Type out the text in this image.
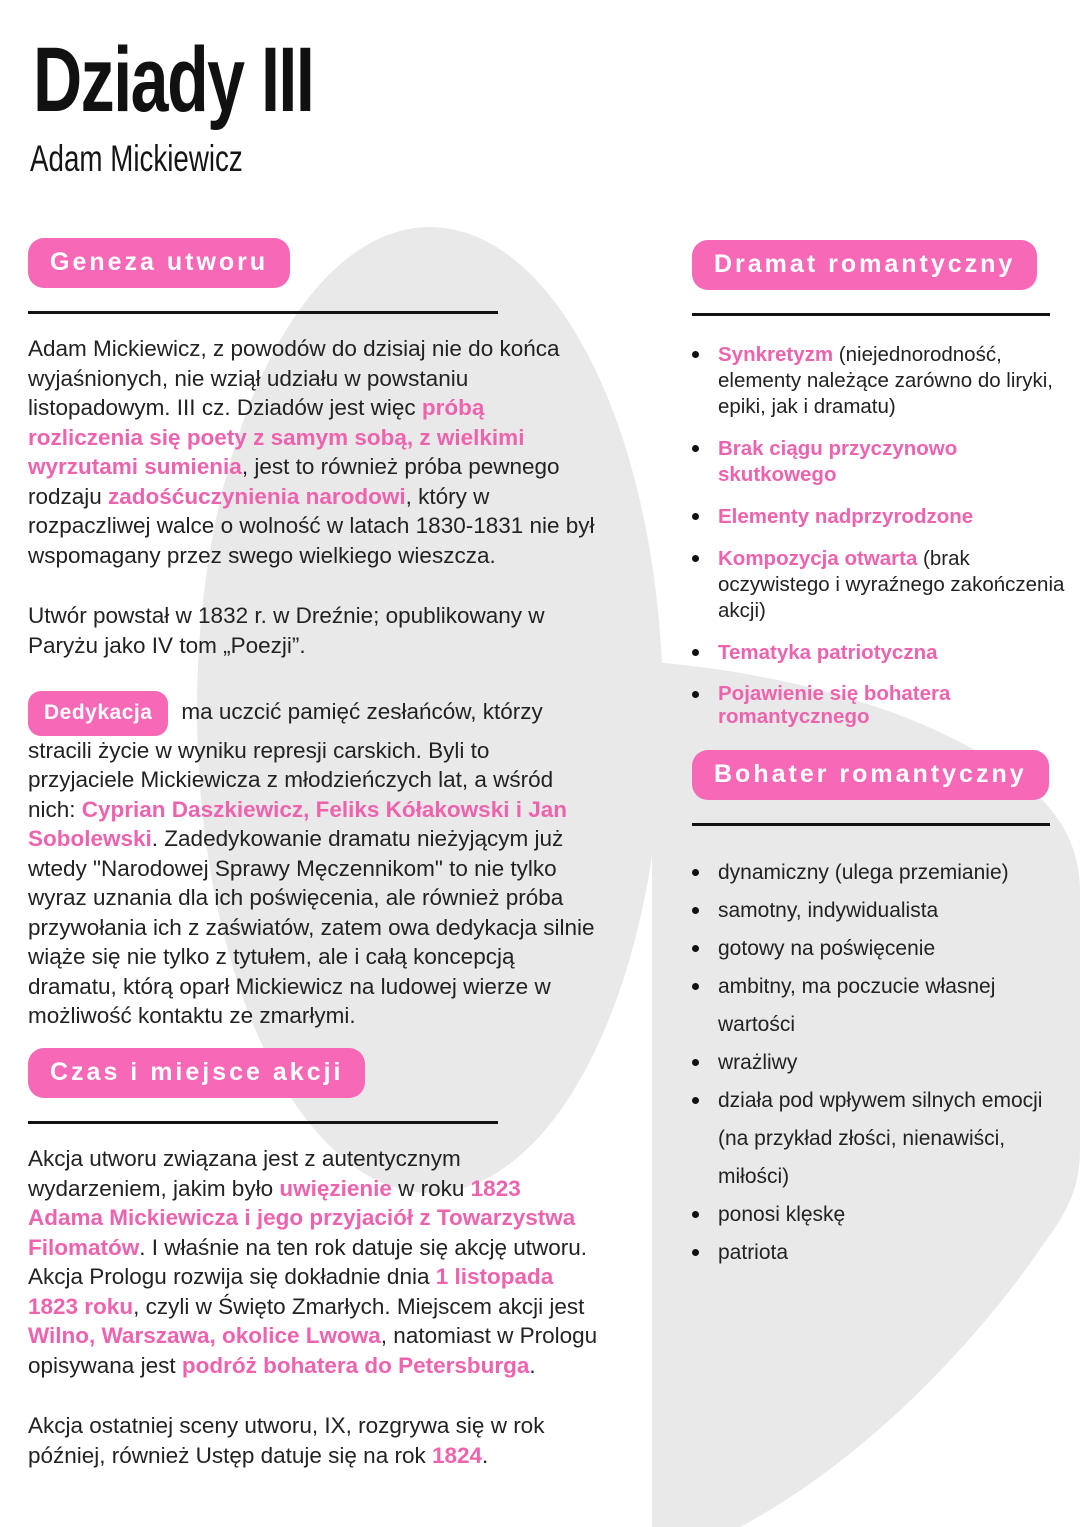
Dziady III
Adam Mickiewicz
Geneza utworu

Adam Mickiewicz, z powodów do dzisiaj nie do końca wyjaśnionych, nie wziął udziału w powstaniu listopadowym. III cz. Dziadów jest więc próbą rozliczenia się poety z samym sobą, z wielkimi wyrzutami sumienia, jest to również próba pewnego rodzaju zadośćuczynienia narodowi, który w rozpaczliwej walce o wolność w latach 1830-1831 nie był wspomagany przez swego wielkiego wieszcza.

Utwór powstał w 1832 r. w Dreźnie; opublikowany w Paryżu jako IV tom „Poezji”.

Dedykacja ma uczcić pamięć zesłańców, którzy stracili życie w wyniku represji carskich. Byli to przyjaciele Mickiewicza z młodzieńczych lat, a wśród nich: Cyprian Daszkiewicz, Feliks Kółakowski i Jan Sobolewski. Zadedykowanie dramatu nieżyjącym już wtedy "Narodowej Sprawy Męczennikom" to nie tylko wyraz uznania dla ich poświęcenia, ale również próba przywołania ich z zaświatów, zatem owa dedykacja silnie wiąże się nie tylko z tytułem, ale i całą koncepcją dramatu, którą oparł Mickiewicz na ludowej wierze w możliwość kontaktu ze zmarłymi.

Czas i miejsce akcji

Akcja utworu związana jest z autentycznym wydarzeniem, jakim było uwięzienie w roku 1823 Adama Mickiewicza i jego przyjaciół z Towarzystwa Filomatów. I właśnie na ten rok datuje się akcję utworu. Akcja Prologu rozwija się dokładnie dnia 1 listopada 1823 roku, czyli w Święto Zmarłych. Miejscem akcji jest Wilno, Warszawa, okolice Lwowa, natomiast w Prologu opisywana jest podróż bohatera do Petersburga.

Akcja ostatniej sceny utworu, IX, rozgrywa się w rok później, również Ustęp datuje się na rok 1824.

Dramat romantyczny
Synkretyzm (niejednorodność, elementy należące zarówno do liryki, epiki, jak i dramatu)
Brak ciągu przyczynowo skutkowego
Elementy nadprzyrodzone
Kompozycja otwarta (brak oczywistego i wyraźnego zakończenia akcji)
Tematyka patriotyczna
Pojawienie się bohatera romantycznego
Bohater romantyczny
dynamiczny (ulega przemianie)
samotny, indywidualista
gotowy na poświęcenie
ambitny, ma poczucie własnej wartości
wrażliwy
działa pod wpływem silnych emocji (na przykład złości, nienawiści, miłości)
ponosi klęskę
patriota
